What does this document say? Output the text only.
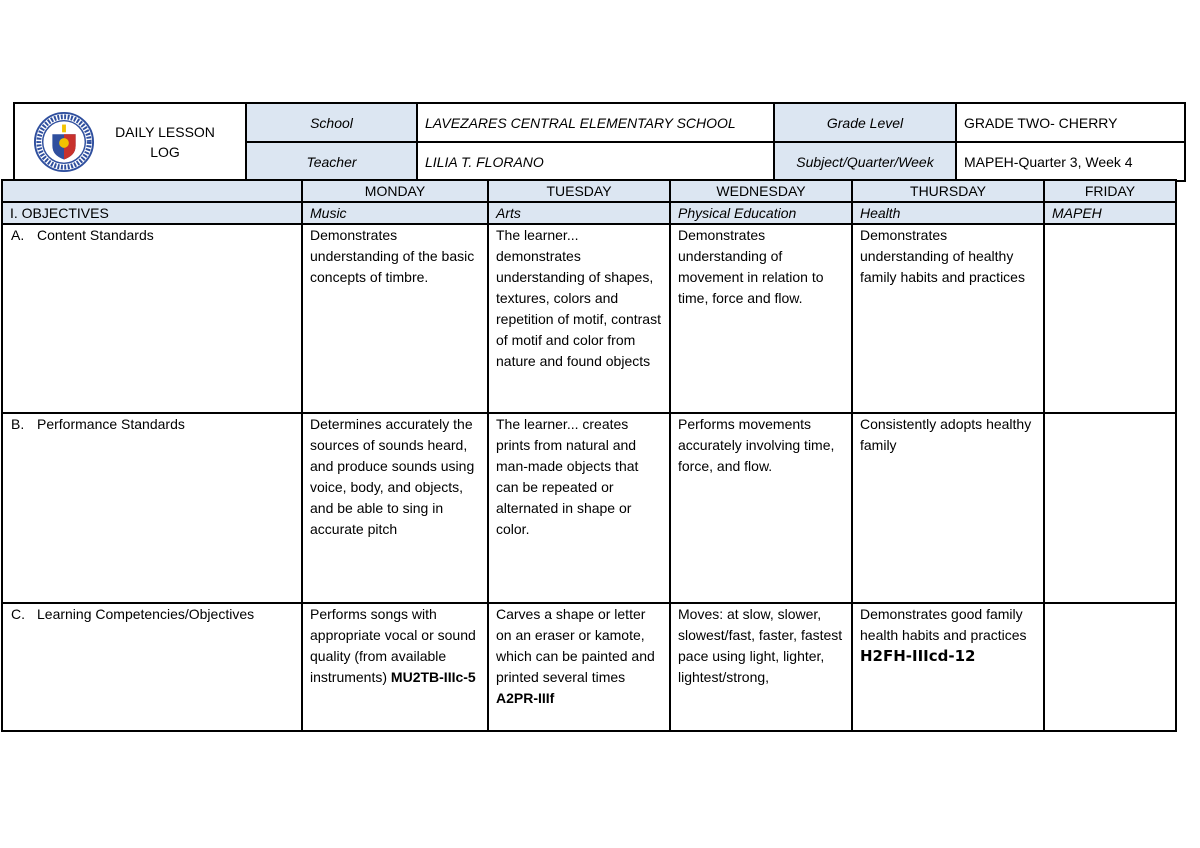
DAILY LESSON
LOG	School	LAVEZARES CENTRAL ELEMENTARY SCHOOL	Grade Level	GRADE TWO- CHERRY
	Teacher	LILIA T. FLORANO	Subject/Quarter/Week	MAPEH-Quarter 3, Week 4
	MONDAY	TUESDAY	WEDNESDAY	THURSDAY	FRIDAY
I. OBJECTIVES	Music	Arts	Physical Education	Health	MAPEH
A. Content Standards	Demonstrates understanding of the basic concepts of timbre.	The learner... demonstrates understanding of shapes, textures, colors and repetition of motif, contrast of motif and color from nature and found objects	Demonstrates understanding of movement in relation to time, force and flow.	Demonstrates understanding of healthy family habits and practices	
B. Performance Standards	Determines accurately the sources of sounds heard, and produce sounds using voice, body, and objects, and be able to sing in accurate pitch	The learner... creates prints from natural and man-made objects that can be repeated or alternated in shape or color.	Performs movements accurately involving time, force, and flow.	Consistently adopts healthy family	
C. Learning Competencies/Objectives	Performs songs with appropriate vocal or sound quality (from available instruments) MU2TB-IIIc-5	Carves a shape or letter on an eraser or kamote, which can be painted and printed several times A2PR-IIIf	Moves: at slow, slower, slowest/fast, faster, fastest pace using light, lighter, lightest/strong,	Demonstrates good family health habits and practices H2FH-IIIcd-12	
